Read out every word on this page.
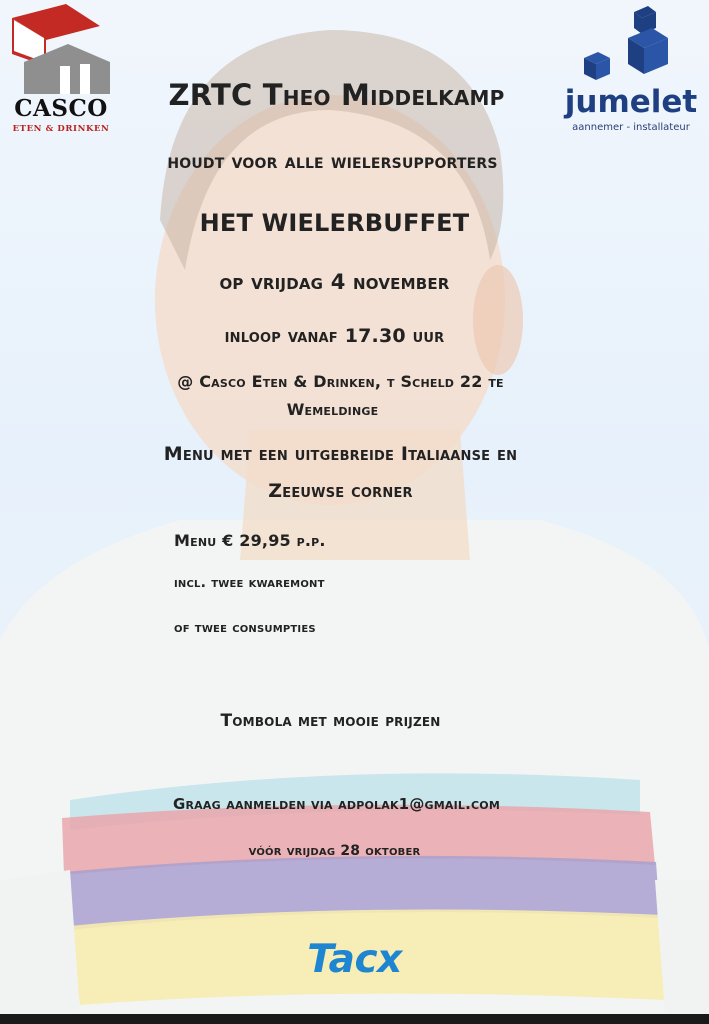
CASCO
ETEN & DRINKEN
jumelet
aannemer - installateur
ZRTC Theo Middelkamp
houdt voor alle wielersupporters
HET WIELERBUFFET
op vrijdag 4 november
inloop vanaf 17.30 uur
@ Casco Eten & Drinken, t Scheld 22 te
Wemeldinge
Menu met een uitgebreide Italiaanse en
Zeeuwse corner
Menu € 29,95 p.p.
incl. twee kwaremont
of twee consumpties
Tombola met mooie prijzen
Graag aanmelden via adpolak1@gmail.com
vóór vrijdag 28 oktober
Tacx
